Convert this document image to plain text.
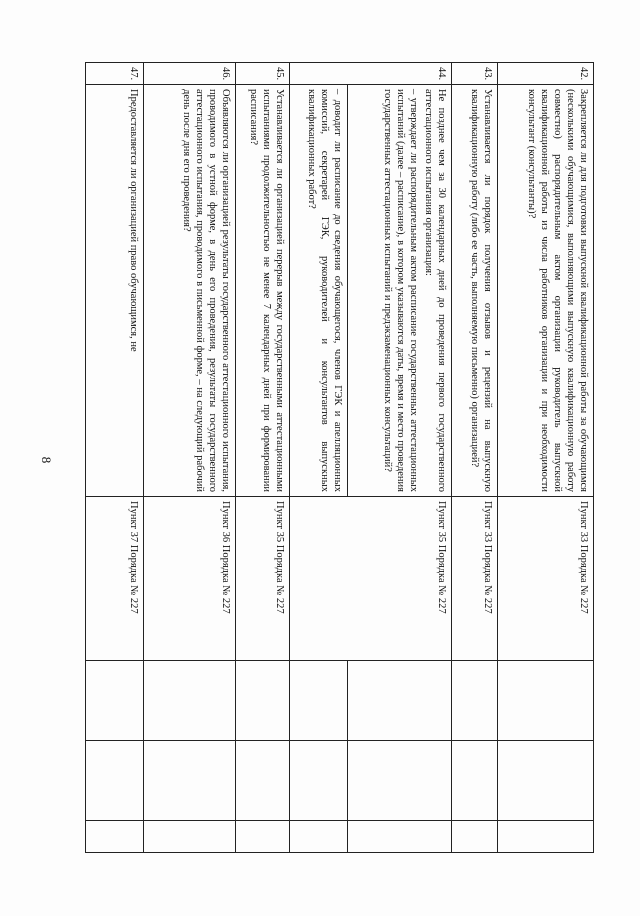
8
42.	Закрепляется ли для подготовки выпускной квалификационной работы за обучающимся (несколькими обучающимися, выполняющими выпускную квалификационную работу совместно) распорядительным актом организации руководитель выпускной квалификационной работы из числа работников организации и при необходимости консультант (консультанты)?	Пункт 33 Порядка № 227			
43.	Устанавливается ли порядок получения отзывов и рецензий на выпускную квалификационную работу (либо ее часть, выполняемую письменно) организацией?	Пункт 33 Порядка № 227			
44.	Не позднее чем за 30 календарных дней до проведения первого государственного аттестационного испытания организация:

– утверждает ли распорядительным актом расписание государственных аттестационных испытаний (далее – расписание), в котором указываются даты, время и место проведения государственных аттестационных испытаний и предэкзаменационных консультаций?	Пункт 35 Порядка № 227			
	– доводит ли расписание до сведения обучающегося, членов ГЭК и апелляционных комиссий, секретарей ГЭК, руководителей и консультантов выпускных квалификационных работ?				
45.	Устанавливается ли организацией перерыв между государственными аттестационными испытаниями продолжительностью не менее 7 календарных дней при формировании расписания?	Пункт 35 Порядка № 227			
46.	Объявляются ли организацией результаты государственного аттестационного испытания, проводимого в устной форме, в день его проведения, результаты государственного аттестационного испытания, проводимого в письменной форме, – на следующий рабочий день после дня его проведения?	Пункт 36 Порядка № 227			
47.	Предоставляется ли организацией право обучающимся, не	Пункт 37 Порядка № 227			
